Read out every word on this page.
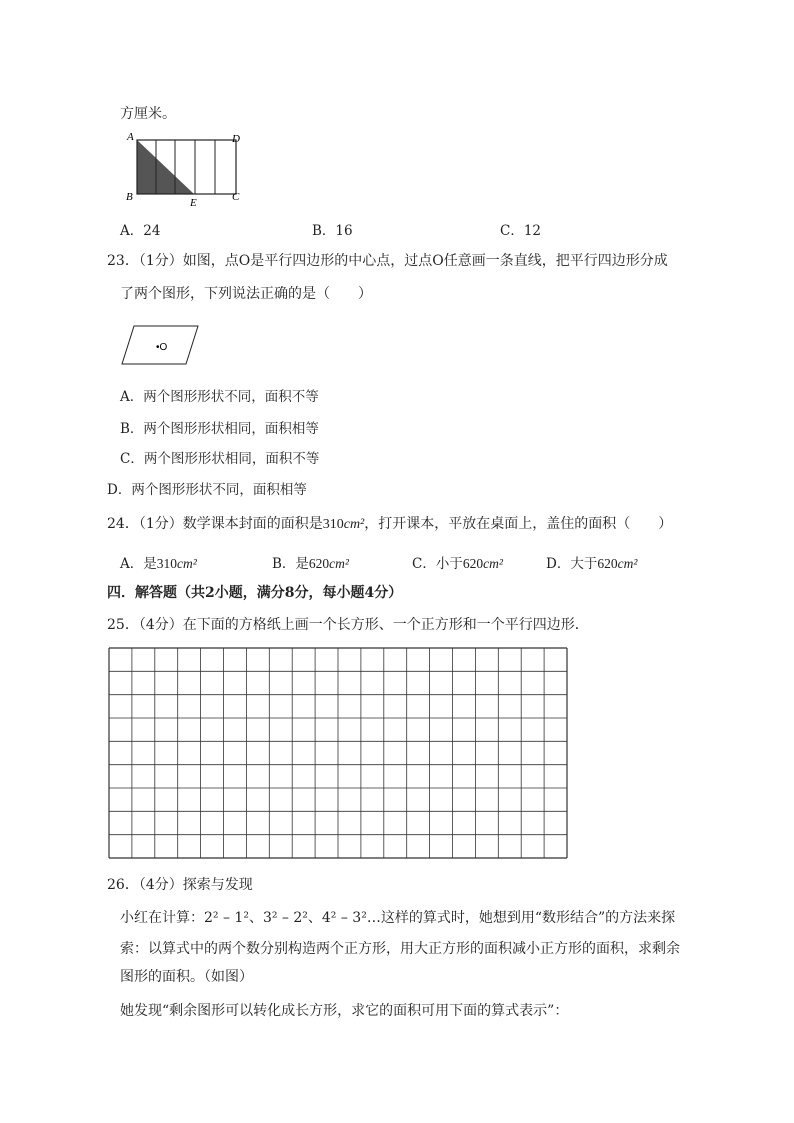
方厘米。
A
B	C
D
E
A．24	B．16	C．12
23．（1分）如图，点O是平行四边形的中心点，过点O任意画一条直线，把平行四边形分成
了两个图形，下列说法正确的是（　　）
•O
A．两个图形形状不同，面积不等
B．两个图形形状相同，面积相等
C．两个图形形状相同，面积不等
D．两个图形形状不同，面积相等
24．（1分）数学课本封面的面积是310cm²，打开课本，平放在桌面上，盖住的面积（　　）
A．是310cm²	B．是620cm²	C．小于620cm²	D．大于620cm²
四．解答题（共2小题，满分8分，每小题4分）
25．（4分）在下面的方格纸上画一个长方形、一个正方形和一个平行四边形．
26．（4分）探索与发现
小红在计算：2² – 1²、3² – 2²、4² – 3²…这样的算式时，她想到用“数形结合”的方法来探
索：以算式中的两个数分别构造两个正方形，用大正方形的面积减小正方形的面积，求剩余
图形的面积。（如图）
她发现“剩余图形可以转化成长方形，求它的面积可用下面的算式表示”：
